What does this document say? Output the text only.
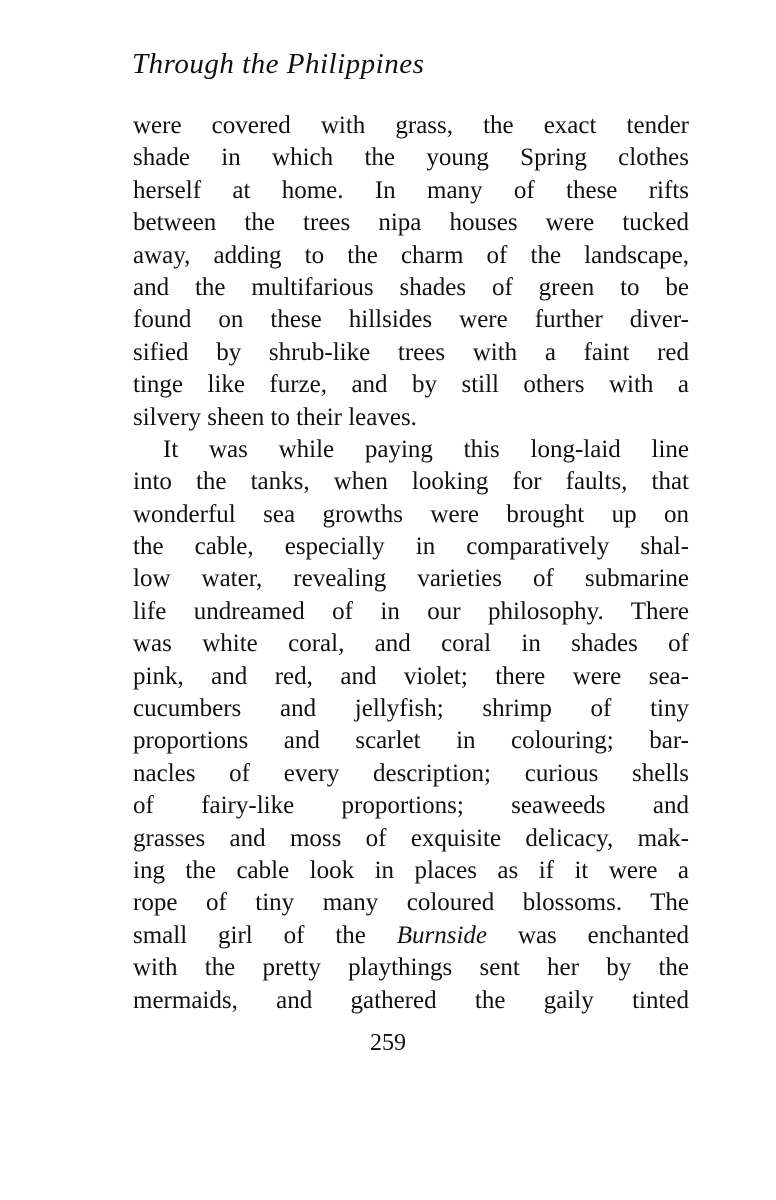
Through the Philippines
were covered with grass, the exact tender
shade in which the young Spring clothes
herself at home. In many of these rifts
between the trees nipa houses were tucked
away, adding to the charm of the landscape,
and the multifarious shades of green to be
found on these hillsides were further diver-
sified by shrub-like trees with a faint red
tinge like furze, and by still others with a
silvery sheen to their leaves.
It was while paying this long-laid line
into the tanks, when looking for faults, that
wonderful sea growths were brought up on
the cable, especially in comparatively shal-
low water, revealing varieties of submarine
life undreamed of in our philosophy. There
was white coral, and coral in shades of
pink, and red, and violet; there were sea-
cucumbers and jellyfish; shrimp of tiny
proportions and scarlet in colouring; bar-
nacles of every description; curious shells
of fairy-like proportions; seaweeds and
grasses and moss of exquisite delicacy, mak-
ing the cable look in places as if it were a
rope of tiny many coloured blossoms. The
small girl of the Burnside was enchanted
with the pretty playthings sent her by the
mermaids, and gathered the gaily tinted
259
